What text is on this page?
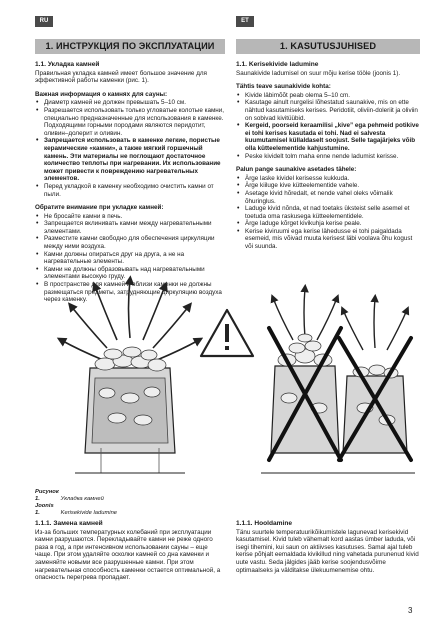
RU	ET
1. ИНСТРУКЦИЯ ПО ЭКСПЛУАТАЦИИ
1.1. Укладка камней

Правильная укладка камней имеет большое значение для эффективной работы каменки (рис. 1).

Важная информация о камнях для сауны:
• Диаметр камней не должен превышать 5–10 см.
• Разрешается использовать только угловатые колотые камни, специально предназначенные для использования в каменке. Подходящими горными породами являются перидотит, оливин–долерит и оливин.
• Запрещается использовать в каменке легкие, пористые керамические «камни», а также мягкий горшечный камень. Эти материалы не поглощают достаточное количество теплоты при нагревании. Их использование может привести к повреждению нагревательных элементов.
• Перед укладкой в каменку необходимо очистить камни от пыли.
Обратите внимание при укладке камней:
• Не бросайте камни в печь.
• Запрещается вклинивать камни между нагревательными элементами.
• Разместите камни свободно для обеспечения циркуляции между ними воздуха.
• Камни должны опираться друг на друга, а не на нагревательные элементы.
• Камни не должны образовывать над нагревательными элементами высокую груду.
• В пространстве для камней и вблизи каменки не должны размещаться предметы, затрудняющие циркуляцию воздуха через каменку.
1. KASUTUSJUHISED
1.1. Kerisekivide ladumine

Saunakivide ladumisel on suur mõju kerise tööle (joonis 1).

Tähtis teave saunakivide kohta:
• Kivide läbimõõt peab olema 5–10 cm.
• Kasutage ainult nurgelisi lõhestatud saunakive, mis on ette nähtud kasutamiseks kerises. Peridotiit, oliviin-doleriit ja oliviin on sobivad kivitüübid.
• Kergeid, poorseid keraamilisi „kive” ega pehmeid potikive ei tohi kerises kasutada ei tohi. Nad ei salvesta kuumutamisel küllaldaselt soojust. Selle tagajärjeks võib olla kütteelementide kahjustumine.
• Peske kividelt tolm maha enne nende ladumist kerisse.
Palun pange saunakive asetades tähele:
• Ärge laske kividel kerisesse kukkuda.
• Ärge kiiluge kive kütteelementide vahele.
• Asetage kivid hõredalt, et nende vahel oleks võimalik õhuringlus.
• Laduge kivid nõnda, et nad toetaks üksteist selle asemel et toetuda oma raskusega kütteelementidele.
• Ärge laduge kõrget kivikuhja kerise peale.
• Kerise kiviruumi ega kerise lähedusse ei tohi paigaldada esemeid, mis võivad muuta kerisest läbi voolava õhu kogust või suunda.
Рисунок 1.	Укладка камней
Joonis 1.	Kerisekivide ladumine
1.1.1. Замена камней

Из-за больших температурных колебаний при эксплуатации камни разрушаются. Перекладывайте камни не реже одного раза в год, а при интенсивном использовании сауны – еще чаще. При этом удаляйте осколки камней со дна каменки и заменяйте новыми все разрушенные камни. При этом нагревательная способность каменки остается оптимальной, а опасность перегрева пропадает.

1.1.1. Hooldamine

Tänu suurtele temperatuurikõikumistele lagunevad kerisekivid kasutamisel. Kivid tuleb vähemalt kord aastas ümber laduda, või isegi tihemini, kui saun on aktiivses kasutuses. Samal ajal tuleb kerise põhjalt eemaldada kivikillud ning vahetada purunenud kivid uute vastu. Seda jälgides jääb kerise soojendusvõime optimaalseks ja välditakse ülekuumenemise ohtu.

3
